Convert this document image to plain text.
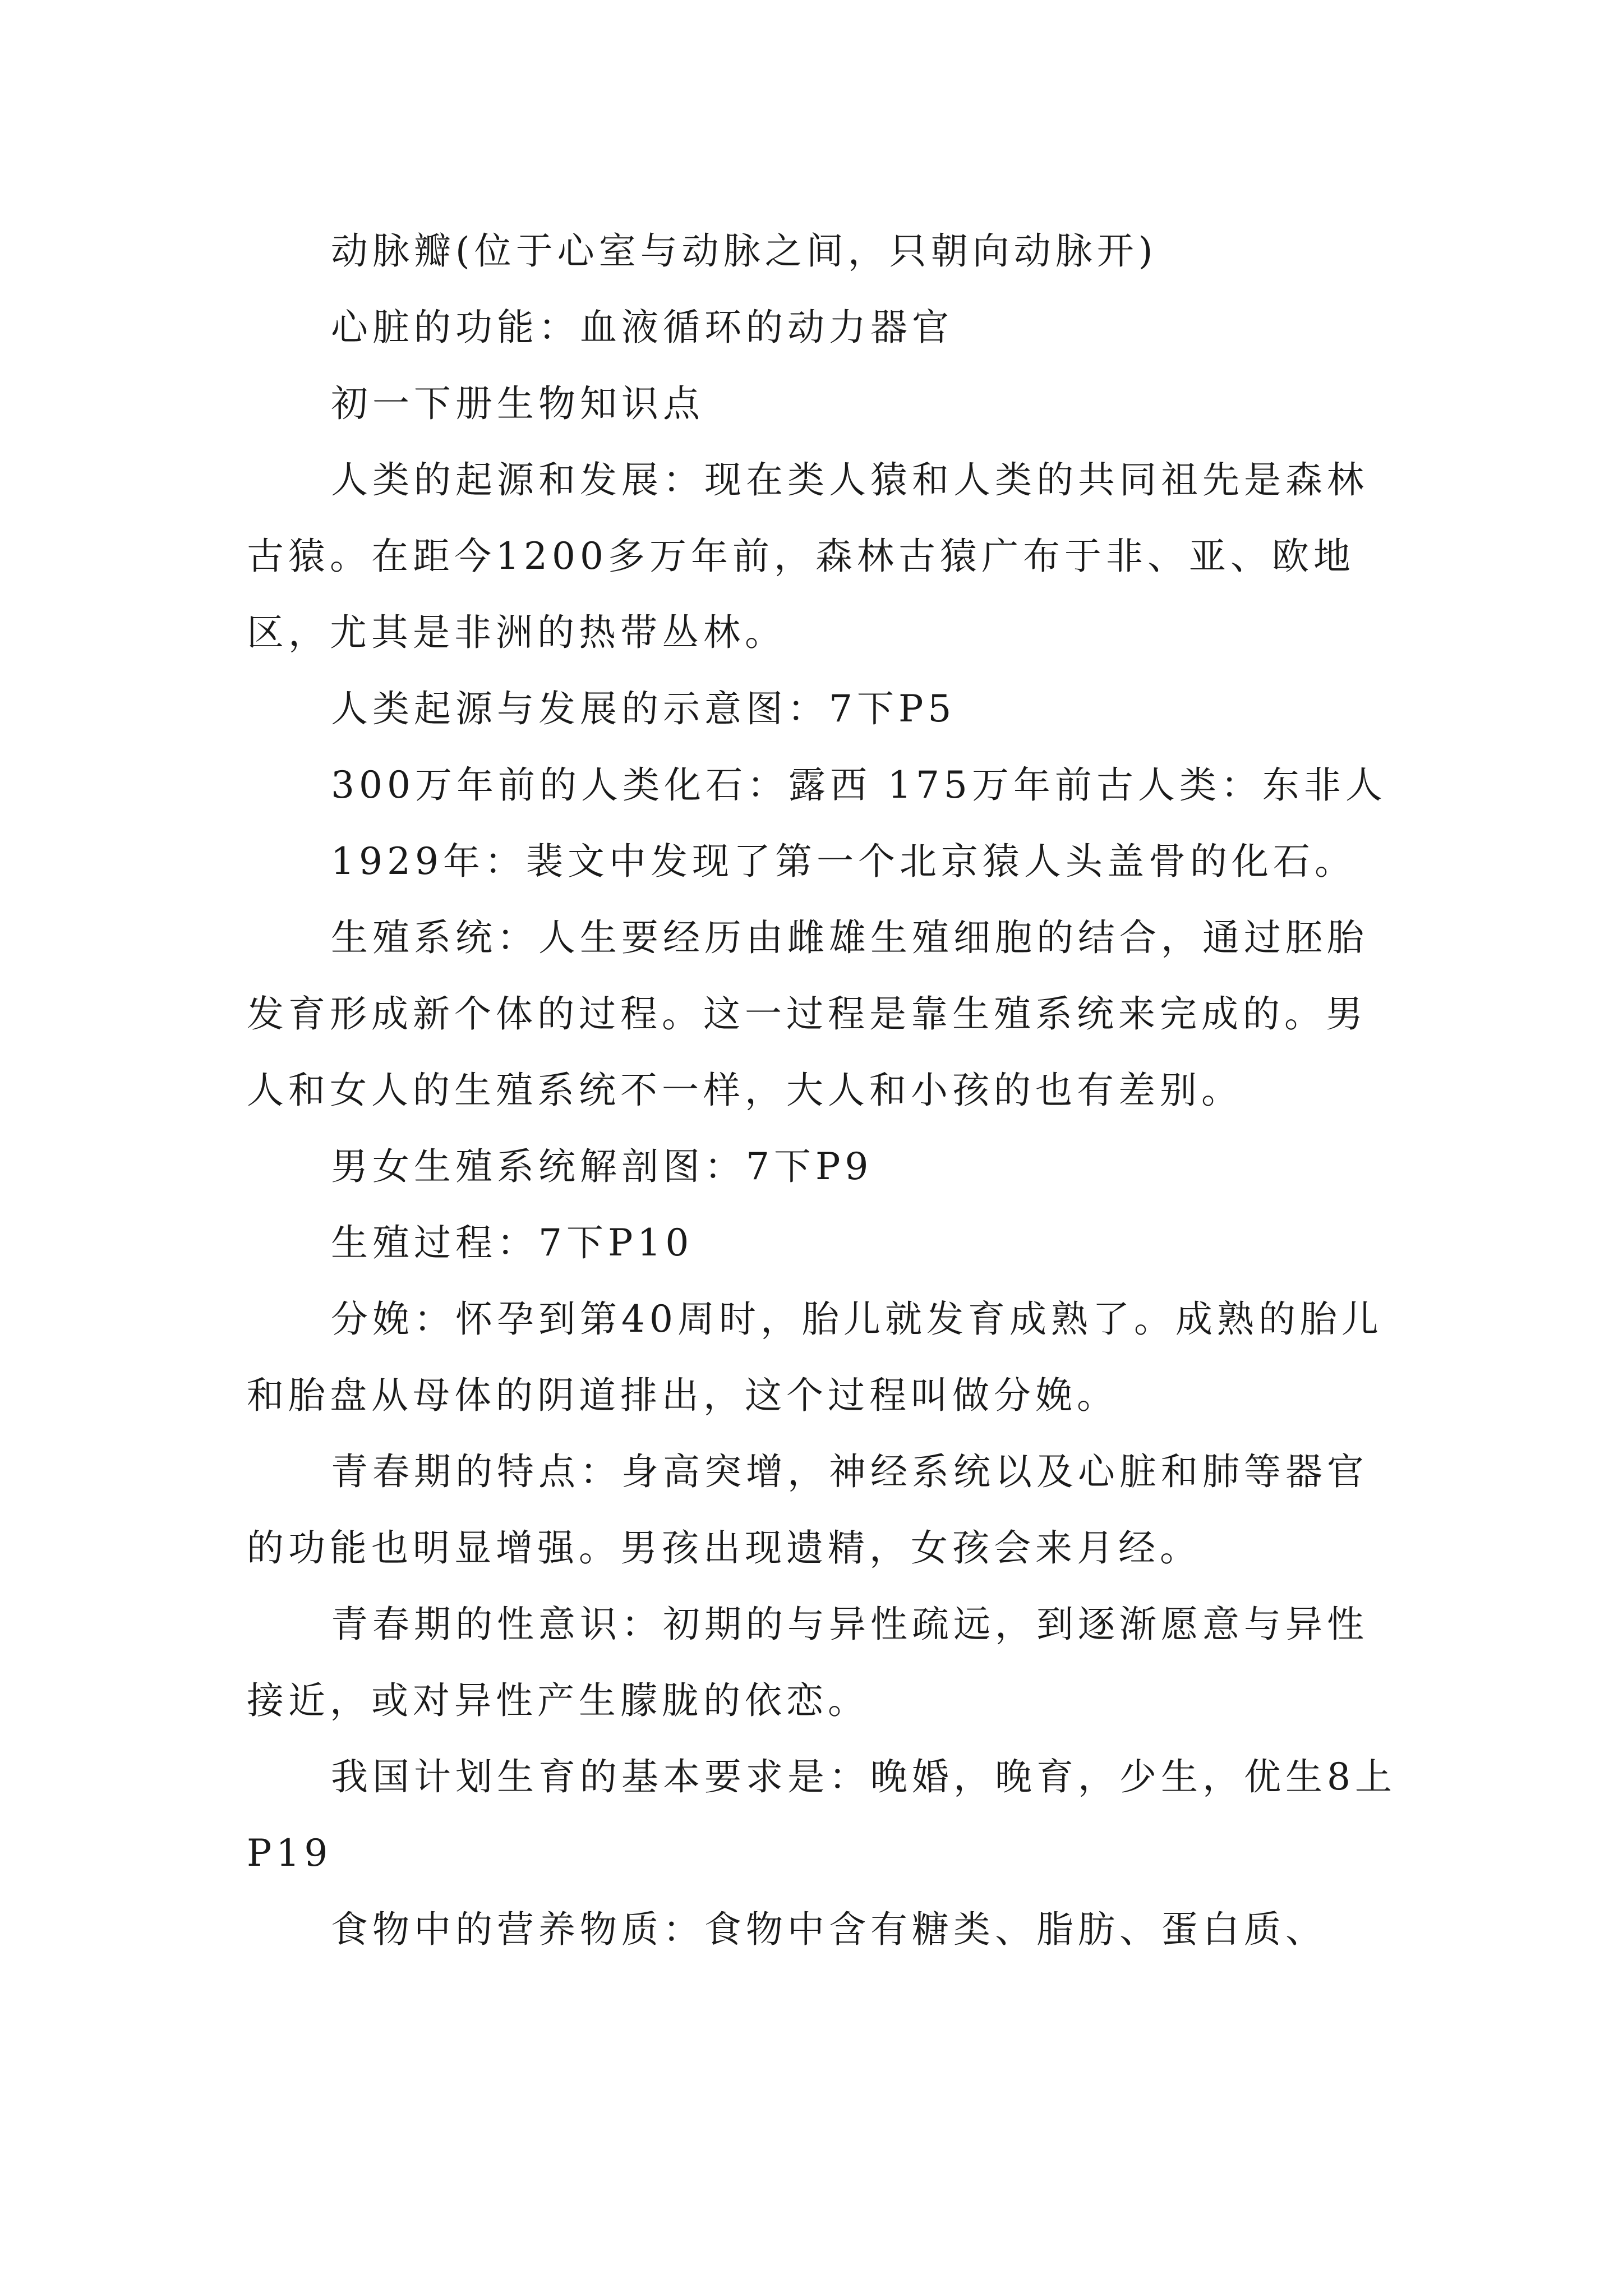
动脉瓣(位于心室与动脉之间，只朝向动脉开)

心脏的功能：血液循环的动力器官

初一下册生物知识点

人类的起源和发展：现在类人猿和人类的共同祖先是森林古猿。在距今1200多万年前，森林古猿广布于非、亚、欧地区，尤其是非洲的热带丛林。

人类起源与发展的示意图：7下P5

300万年前的人类化石：露西 175万年前古人类：东非人

1929年：裴文中发现了第一个北京猿人头盖骨的化石。

生殖系统：人生要经历由雌雄生殖细胞的结合，通过胚胎发育形成新个体的过程。这一过程是靠生殖系统来完成的。男人和女人的生殖系统不一样，大人和小孩的也有差别。

男女生殖系统解剖图：7下P9

生殖过程：7下P10

分娩：怀孕到第40周时，胎儿就发育成熟了。成熟的胎儿和胎盘从母体的阴道排出，这个过程叫做分娩。

青春期的特点：身高突增，神经系统以及心脏和肺等器官的功能也明显增强。男孩出现遗精，女孩会来月经。

青春期的性意识：初期的与异性疏远，到逐渐愿意与异性接近，或对异性产生朦胧的依恋。

我国计划生育的基本要求是：晚婚，晚育，少生，优生8上P19

食物中的营养物质：食物中含有糖类、脂肪、蛋白质、
